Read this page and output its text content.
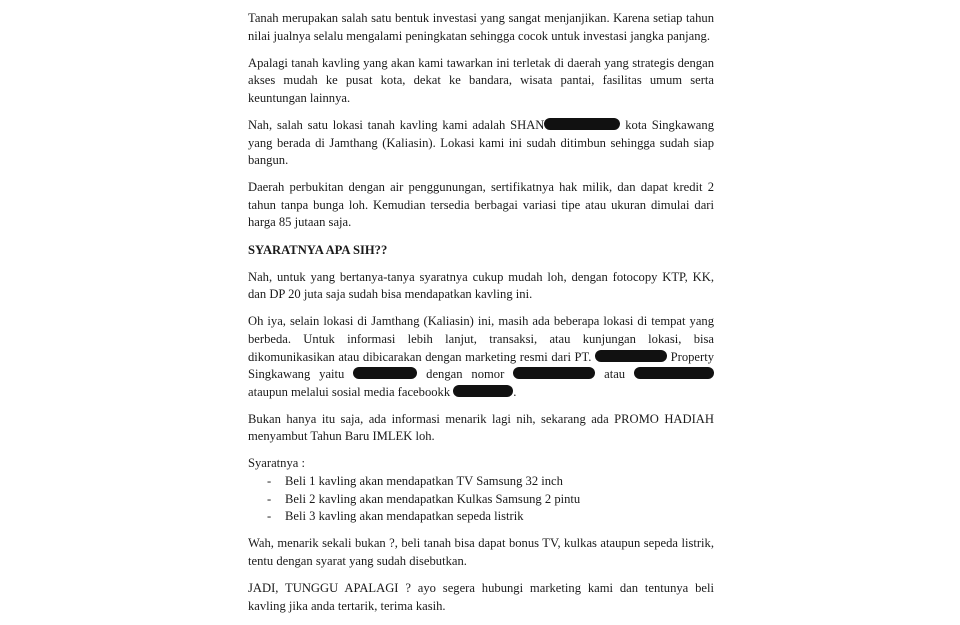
Tanah merupakan salah satu bentuk investasi yang sangat menjanjikan. Karena setiap tahun nilai jualnya selalu mengalami peningkatan sehingga cocok untuk investasi jangka panjang.

Apalagi tanah kavling yang akan kami tawarkan ini terletak di daerah yang strategis dengan akses mudah ke pusat kota, dekat ke bandara, wisata pantai, fasilitas umum serta keuntungan lainnya.

Nah, salah satu lokasi tanah kavling kami adalah SHAN	kota Singkawang yang berada di Jamthang (Kaliasin). Lokasi kami ini sudah ditimbun sehingga sudah siap bangun.

Daerah perbukitan dengan air penggunungan, sertifikatnya hak milik, dan dapat kredit 2 tahun tanpa bunga loh. Kemudian tersedia berbagai variasi tipe atau ukuran dimulai dari harga 85 jutaan saja.

SYARATNYA APA SIH??

Nah, untuk yang bertanya-tanya syaratnya cukup mudah loh, dengan fotocopy KTP, KK, dan DP 20 juta saja sudah bisa mendapatkan kavling ini.

Oh iya, selain lokasi di Jamthang (Kaliasin) ini, masih ada beberapa lokasi di tempat yang berbeda. Untuk informasi lebih lanjut, transaksi, atau kunjungan lokasi, bisa dikomunikasikan atau dibicarakan dengan marketing resmi dari PT.	Property Singkawang yaitu	dengan nomor	atau  ataupun melalui sosial media facebookk	.

Bukan hanya itu saja, ada informasi menarik lagi nih, sekarang ada PROMO HADIAH menyambut Tahun Baru IMLEK loh.

Syaratnya :

- Beli 1 kavling akan mendapatkan TV Samsung 32 inch
- Beli 2 kavling akan mendapatkan Kulkas Samsung 2 pintu
- Beli 3 kavling akan mendapatkan sepeda listrik

Wah, menarik sekali bukan ?, beli tanah bisa dapat bonus TV, kulkas ataupun sepeda listrik, tentu dengan syarat yang sudah disebutkan.

JADI, TUNGGU APALAGI ? ayo segera hubungi marketing kami dan tentunya beli kavling jika anda tertarik, terima kasih.
